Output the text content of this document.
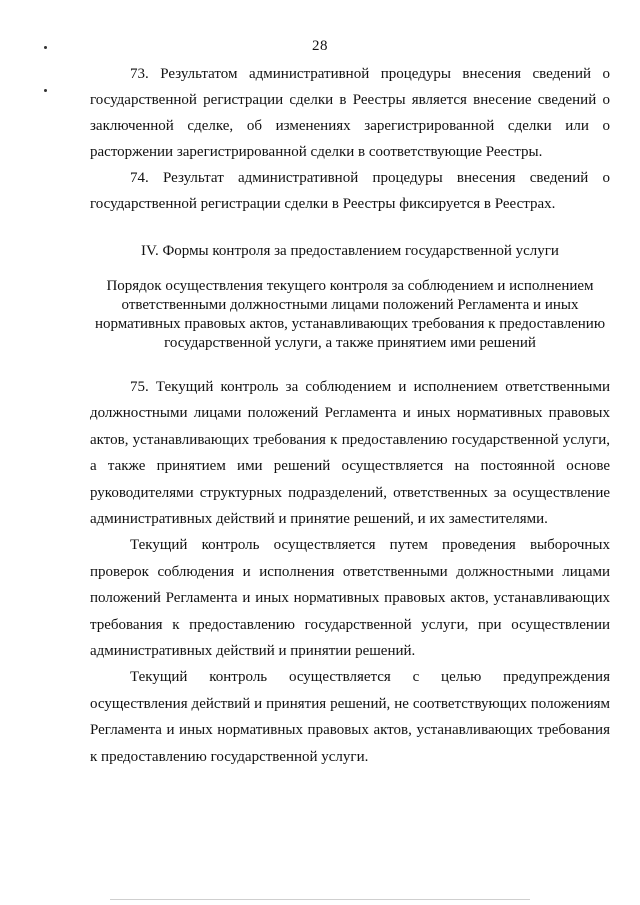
28

73. Результатом административной процедуры внесения сведений о государственной регистрации сделки в Реестры является внесение сведений о заключенной сделке, об изменениях зарегистрированной сделки или о расторжении зарегистрированной сделки в соответствующие Реестры.

74. Результат административной процедуры внесения сведений о государственной регистрации сделки в Реестры фиксируется в Реестрах.

IV. Формы контроля за предоставлением государственной услуги
Порядок осуществления текущего контроля за соблюдением и исполнением ответственными должностными лицами положений Регламента и иных нормативных правовых актов, устанавливающих требования к предоставлению государственной услуги, а также принятием ими решений

75. Текущий контроль за соблюдением и исполнением ответственными должностными лицами положений Регламента и иных нормативных правовых актов, устанавливающих требования к предоставлению государственной услуги, а также принятием ими решений осуществляется на постоянной основе руководителями структурных подразделений, ответственных за осуществление административных действий и принятие решений, и их заместителями.

Текущий контроль осуществляется путем проведения выборочных проверок соблюдения и исполнения ответственными должностными лицами положений Регламента и иных нормативных правовых актов, устанавливающих требования к предоставлению государственной услуги, при осуществлении административных действий и принятии решений.

Текущий контроль осуществляется с целью предупреждения осуществления действий и принятия решений, не соответствующих положениям Регламента и иных нормативных правовых актов, устанавливающих требования к предоставлению государственной услуги.
